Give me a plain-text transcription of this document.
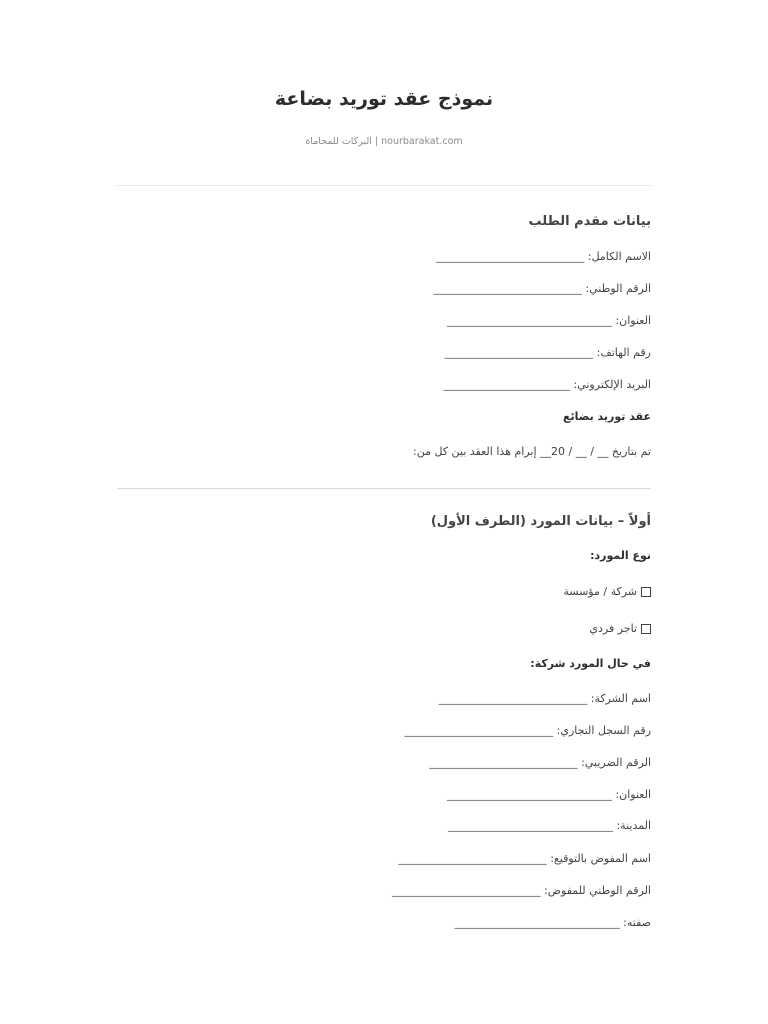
نموذج عقد توريد بضاعة
nourbarakat.com | البركات للمحاماة
بيانات مقدم الطلب
الاسم الكامل: ___________________________
الرقم الوطني: ___________________________
العنوان: ______________________________
رقم الهاتف: ___________________________
البريد الإلكتروني: _______________________
عقد توريد بضائع
تم بتاريخ __ / __ / 20__ إبرام هذا العقد بين كل من:
أولاً – بيانات المورد (الطرف الأول)
نوع المورد:
شركة / مؤسسة
تاجر فردي
في حال المورد شركة:
اسم الشركة: ___________________________
رقم السجل التجاري: ___________________________
الرقم الضريبي: ___________________________
العنوان: ______________________________
المدينة: ______________________________
اسم المفوض بالتوقيع: ___________________________
الرقم الوطني للمفوض: ___________________________
صفته: ______________________________
